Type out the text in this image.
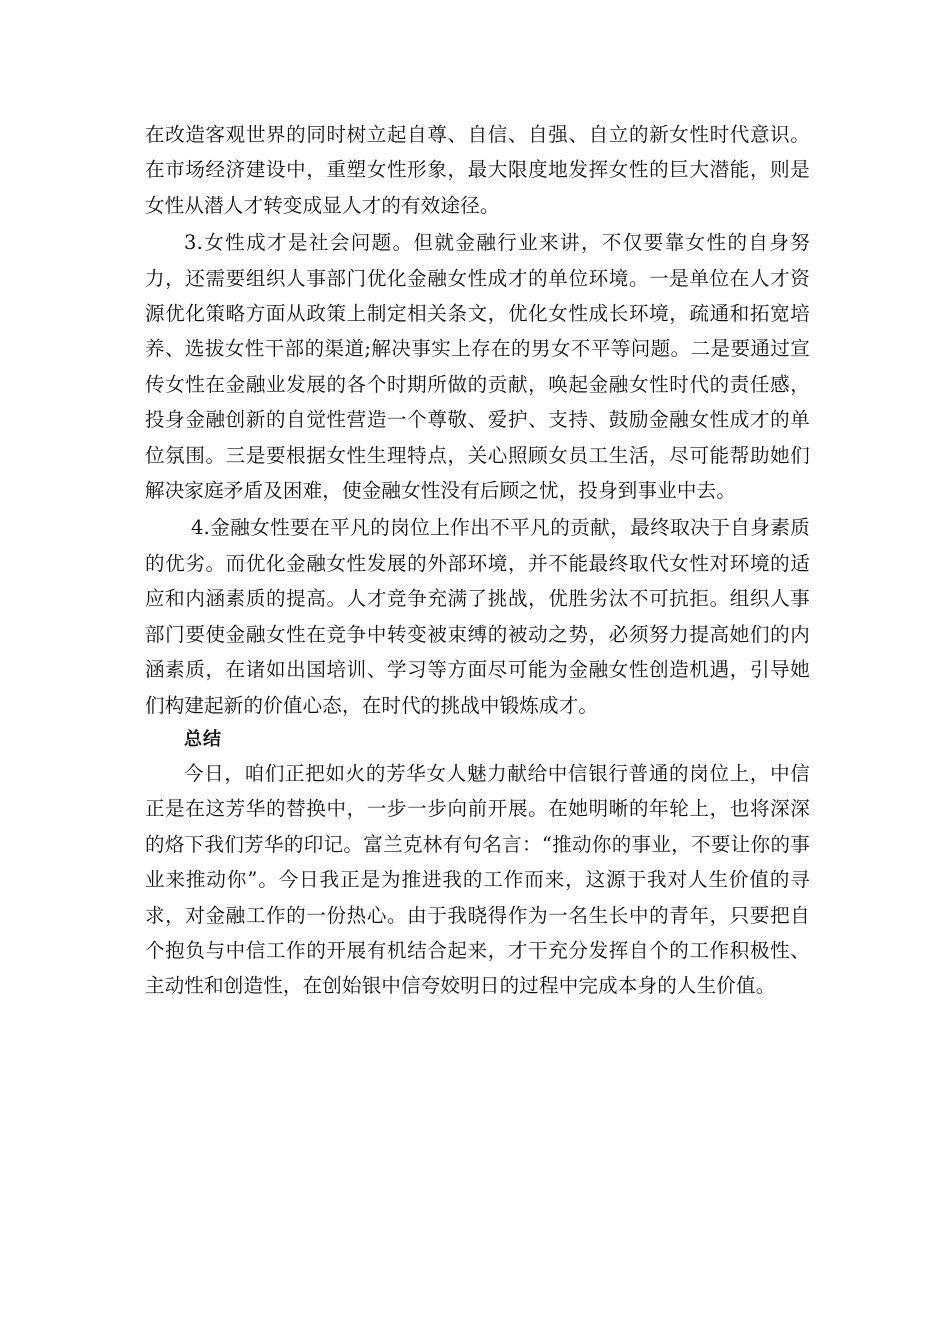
在改造客观世界的同时树立起自尊、自信、自强、自立的新女性时代意识。在市场经济建设中，重塑女性形象，最大限度地发挥女性的巨大潜能，则是女性从潜人才转变成显人才的有效途径。

3.女性成才是社会问题。但就金融行业来讲，不仅要靠女性的自身努力，还需要组织人事部门优化金融女性成才的单位环境。一是单位在人才资源优化策略方面从政策上制定相关条文，优化女性成长环境，疏通和拓宽培养、选拔女性干部的渠道;解决事实上存在的男女不平等问题。二是要通过宣传女性在金融业发展的各个时期所做的贡献，唤起金融女性时代的责任感，投身金融创新的自觉性营造一个尊敬、爱护、支持、鼓励金融女性成才的单位氛围。三是要根据女性生理特点，关心照顾女员工生活，尽可能帮助她们解决家庭矛盾及困难，使金融女性没有后顾之忧，投身到事业中去。

4.金融女性要在平凡的岗位上作出不平凡的贡献，最终取决于自身素质的优劣。而优化金融女性发展的外部环境，并不能最终取代女性对环境的适应和内涵素质的提高。人才竞争充满了挑战，优胜劣汰不可抗拒。组织人事部门要使金融女性在竞争中转变被束缚的被动之势，必须努力提高她们的内涵素质，在诸如出国培训、学习等方面尽可能为金融女性创造机遇，引导她们构建起新的价值心态，在时代的挑战中锻炼成才。

总结

今日，咱们正把如火的芳华女人魅力献给中信银行普通的岗位上，中信正是在这芳华的替换中，一步一步向前开展。在她明晰的年轮上，也将深深的烙下我们芳华的印记。富兰克林有句名言：“推动你的事业，不要让你的事业来推动你”。今日我正是为推进我的工作而来，这源于我对人生价值的寻求，对金融工作的一份热心。由于我晓得作为一名生长中的青年，只要把自个抱负与中信工作的开展有机结合起来，才干充分发挥自个的工作积极性、主动性和创造性，在创始银中信夸姣明日的过程中完成本身的人生价值。
